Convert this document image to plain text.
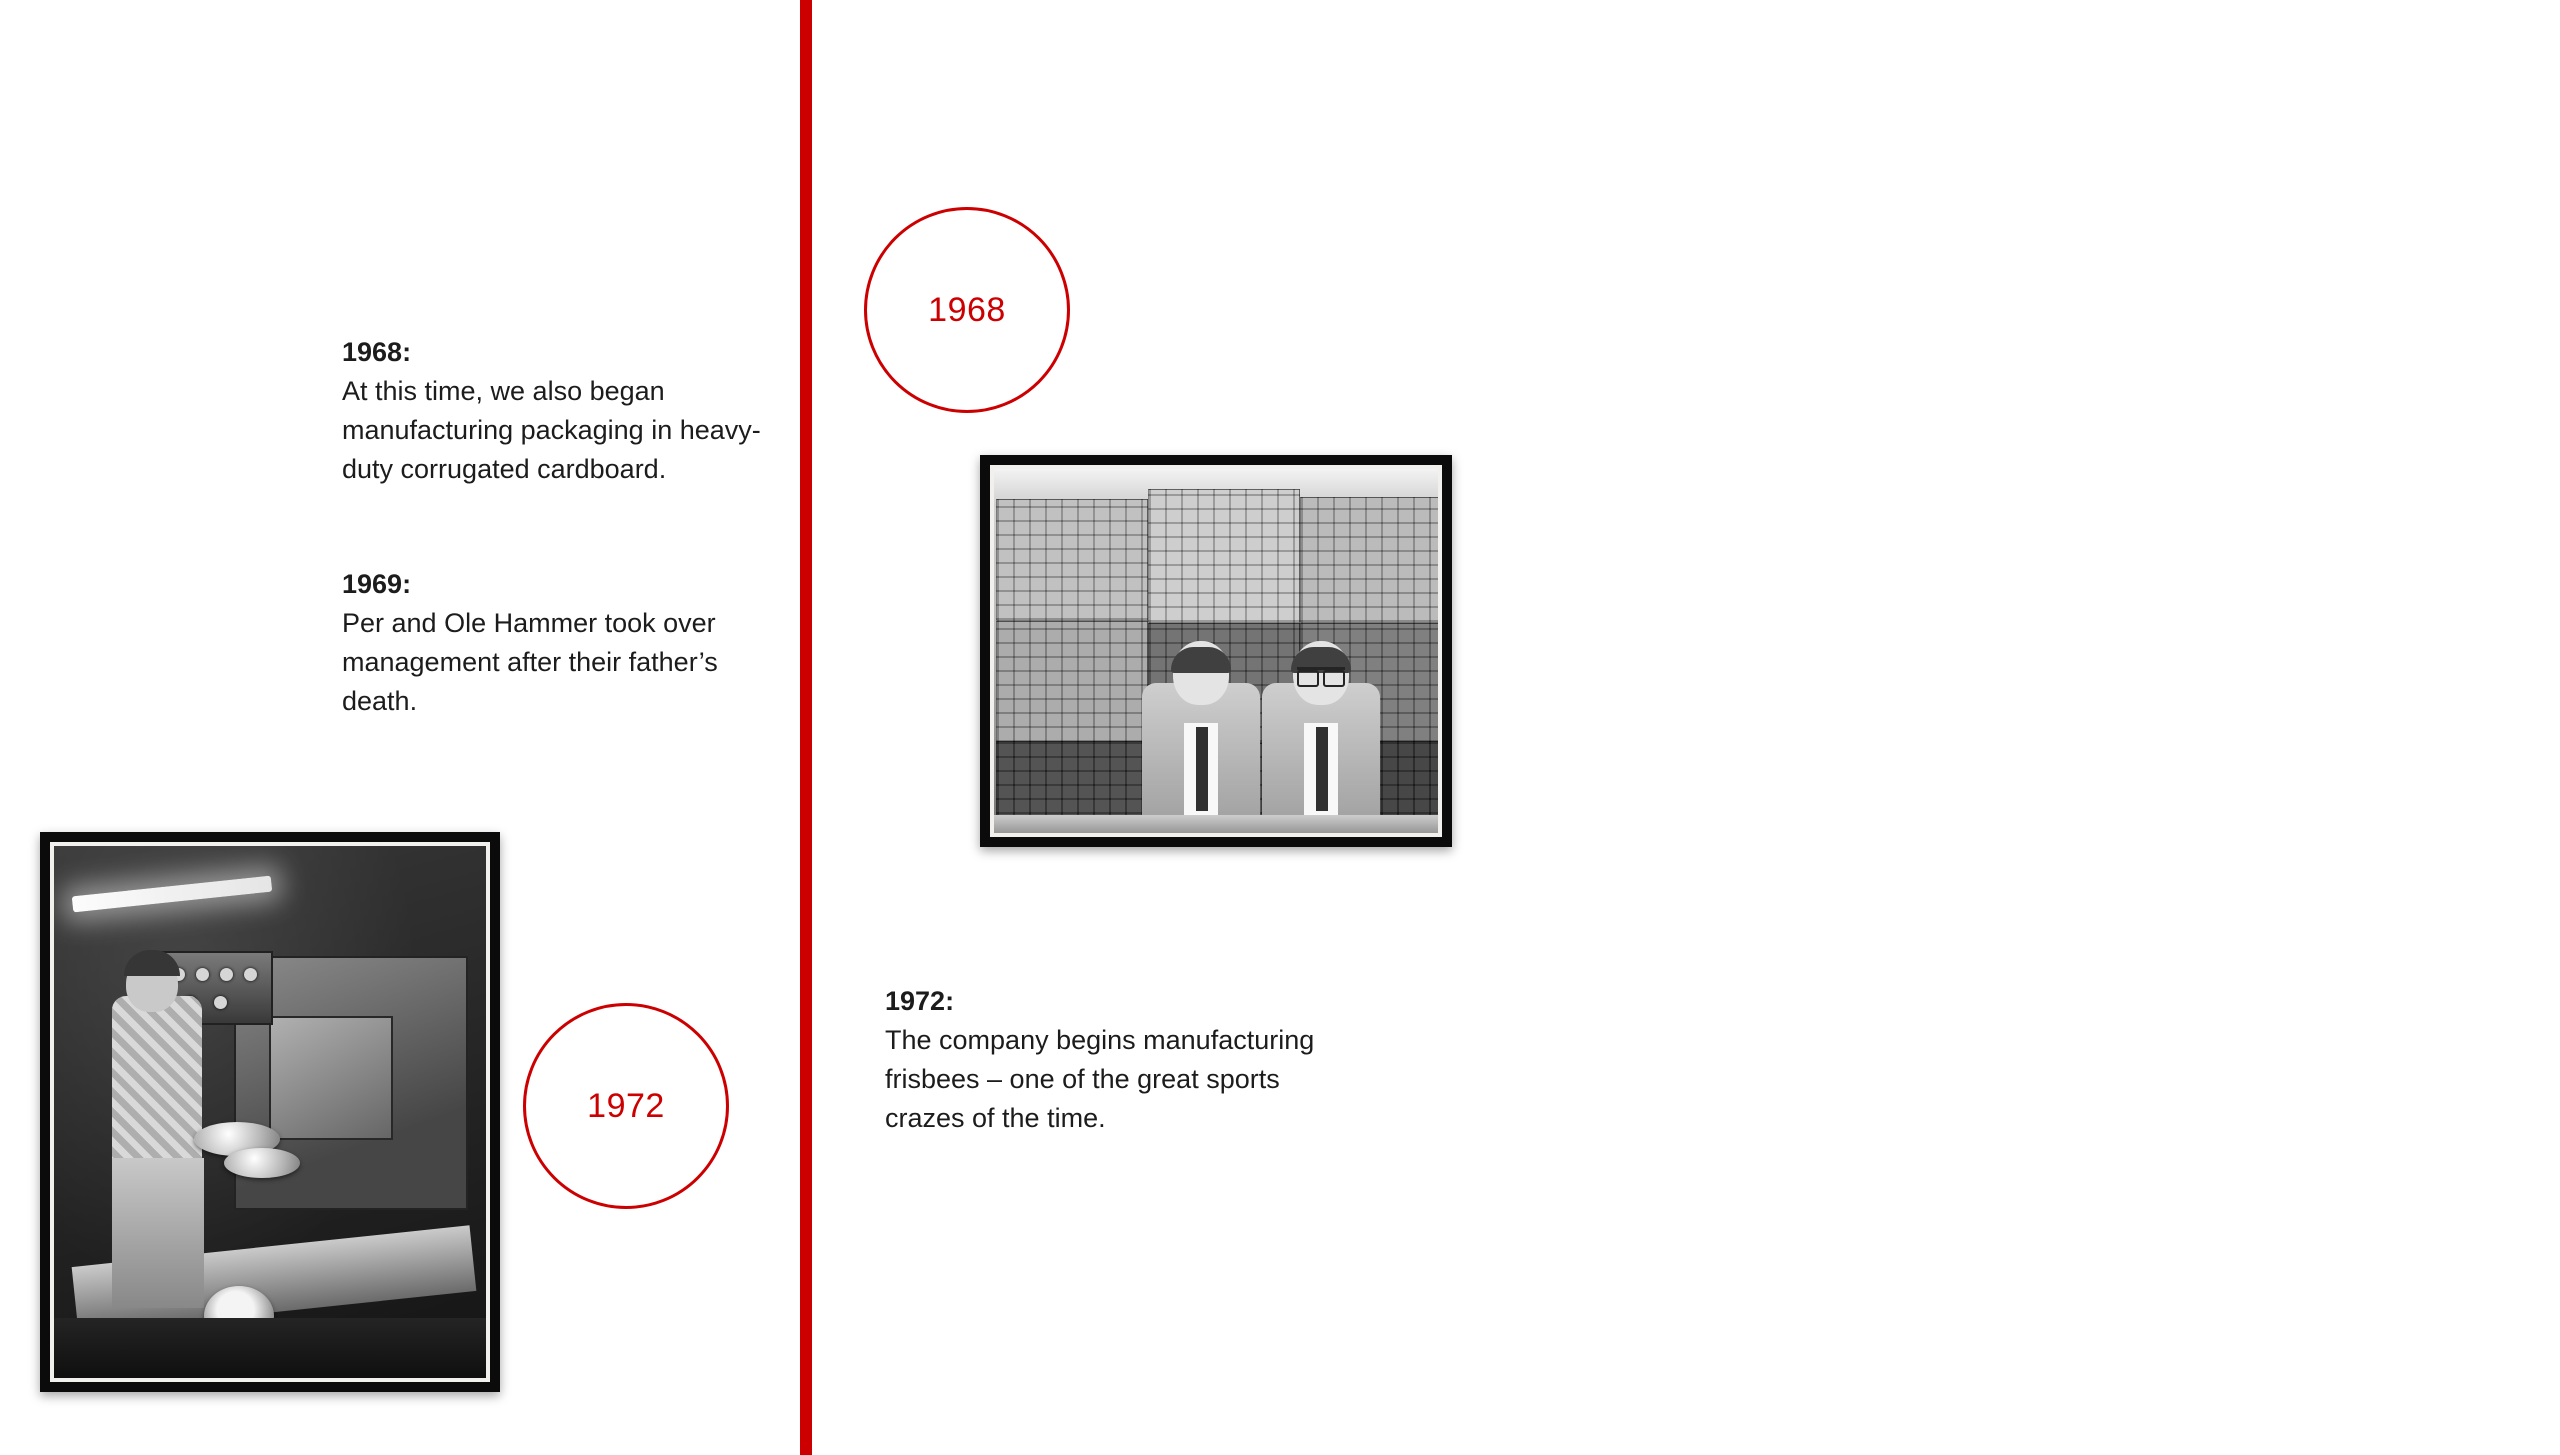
1968
1972
1968:
At this time, we also began manufacturing packaging in heavy-duty corrugated cardboard.
1969:
Per and Ole Hammer took over management after their father’s death.
1972:
The company begins manufacturing frisbees – one of the great sports crazes of the time.
